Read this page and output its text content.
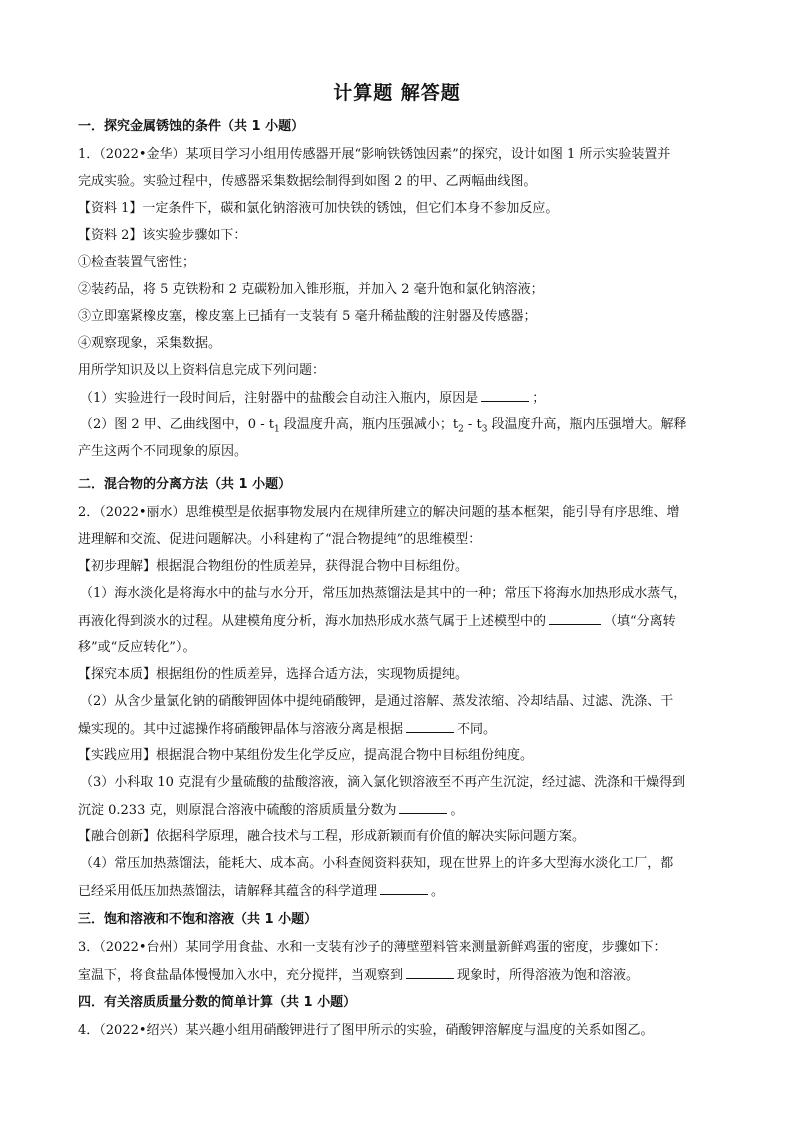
计算题 解答题
一．探究金属锈蚀的条件（共 1 小题）
1．（2022•金华）某项目学习小组用传感器开展“影响铁锈蚀因素”的探究，设计如图 1 所示实验装置并
完成实验。实验过程中，传感器采集数据绘制得到如图 2 的甲、乙两幅曲线图。
【资料 1】一定条件下，碳和氯化钠溶液可加快铁的锈蚀，但它们本身不参加反应。
【资料 2】该实验步骤如下：
①检查装置气密性；
②装药品，将 5 克铁粉和 2 克碳粉加入锥形瓶，并加入 2 毫升饱和氯化钠溶液；
③立即塞紧橡皮塞，橡皮塞上已插有一支装有 5 毫升稀盐酸的注射器及传感器；
④观察现象，采集数据。
用所学知识及以上资料信息完成下列问题：
（1）实验进行一段时间后，注射器中的盐酸会自动注入瓶内，原因是	；
（2）图 2 甲、乙曲线图中，$0 - t_1$ 段温度升高，瓶内压强减小；$t_2 - t_3$ 段温度升高，瓶内压强增大。解释
产生这两个不同现象的原因。
二．混合物的分离方法（共 1 小题）
2．（2022•丽水）思维模型是依据事物发展内在规律所建立的解决问题的基本框架，能引导有序思维、增
进理解和交流、促进问题解决。小科建构了“混合物提纯”的思维模型：
【初步理解】根据混合物组份的性质差异，获得混合物中目标组份。
（1）海水淡化是将海水中的盐与水分开，常压加热蒸馏法是其中的一种；常压下将海水加热形成水蒸气，
再液化得到淡水的过程。从建模角度分析，海水加热形成水蒸气属于上述模型中的	（填“分离转
移”或“反应转化”）。
【探究本质】根据组份的性质差异，选择合适方法，实现物质提纯。
（2）从含少量氯化钠的硝酸钾固体中提纯硝酸钾，是通过溶解、蒸发浓缩、冷却结晶、过滤、洗涤、干
燥实现的。其中过滤操作将硝酸钾晶体与溶液分离是根据	不同。
【实践应用】根据混合物中某组份发生化学反应，提高混合物中目标组份纯度。
（3）小科取 10 克混有少量硫酸的盐酸溶液，滴入氯化钡溶液至不再产生沉淀，经过滤、洗涤和干燥得到
沉淀 0.233 克，则原混合溶液中硫酸的溶质质量分数为	。
【融合创新】依据科学原理，融合技术与工程，形成新颖而有价值的解决实际问题方案。
（4）常压加热蒸馏法，能耗大、成本高。小科查阅资料获知，现在世界上的许多大型海水淡化工厂，都
已经采用低压加热蒸馏法，请解释其蕴含的科学道理	。
三．饱和溶液和不饱和溶液（共 1 小题）
3．（2022•台州）某同学用食盐、水和一支装有沙子的薄壁塑料管来测量新鲜鸡蛋的密度，步骤如下：
室温下，将食盐晶体慢慢加入水中，充分搅拌，当观察到	现象时，所得溶液为饱和溶液。
四．有关溶质质量分数的简单计算（共 1 小题）
4．（2022•绍兴）某兴趣小组用硝酸钾进行了图甲所示的实验，硝酸钾溶解度与温度的关系如图乙。
